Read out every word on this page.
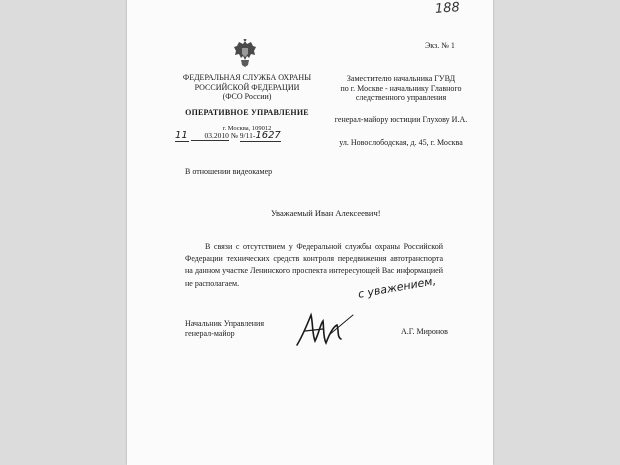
188
Экз. № 1
ФЕДЕРАЛЬНАЯ СЛУЖБА ОХРАНЫ
РОССИЙСКОЙ ФЕДЕРАЦИИ
(ФСО России)
ОПЕРАТИВНОЕ УПРАВЛЕНИЕ
г. Москва, 109012
11 03.2010 № 9/11-1627
Заместителю начальника ГУВД
по г. Москве - начальнику Главного
следственного управления
генерал-майору юстиции Глухову И.А.
ул. Новослободская, д. 45, г. Москва
В отношении видеокамер
Уважаемый Иван Алексеевич!
В связи с отсутствием у Федеральной службы охраны Российской Федерации технических средств контроля передвижения автотранспорта на данном участке Ленинского проспекта интересующей Вас информацией не располагаем.
Начальник Управления
генерал-майор
с уважением,
А.Г. Миронов
